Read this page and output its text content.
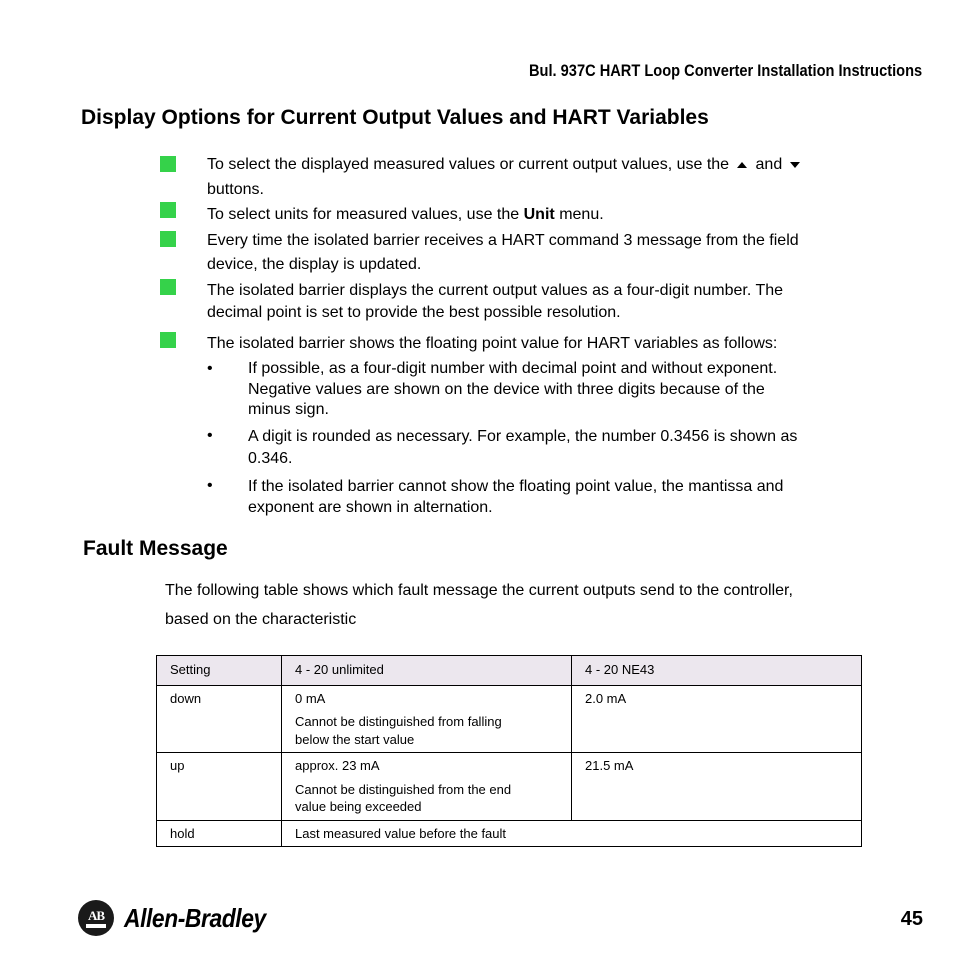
Bul. 937C HART Loop Converter Installation Instructions
Display Options for Current Output Values and HART Variables
To select the displayed measured values or current output values, use the and
buttons.
To select units for measured values, use the Unit menu.
Every time the isolated barrier receives a HART command 3 message from the field
device, the display is updated.
The isolated barrier displays the current output values as a four-digit number. The
decimal point is set to provide the best possible resolution.
The isolated barrier shows the floating point value for HART variables as follows:
• If possible, as a four-digit number with decimal point and without exponent.
Negative values are shown on the device with three digits because of the
minus sign.
• A digit is rounded as necessary. For example, the number 0.3456 is shown as
0.346.
• If the isolated barrier cannot show the floating point value, the mantissa and
exponent are shown in alternation.
Fault Message
The following table shows which fault message the current outputs send to the controller,
based on the characteristic
Setting	4 - 20 unlimited	4 - 20 NE43
down	0 mA
Cannot be distinguished from falling
below the start value	2.0 mA
up	approx. 23 mA
Cannot be distinguished from the end
value being exceeded	21.5 mA
hold	Last measured value before the fault	
AB Allen-Bradley	45
